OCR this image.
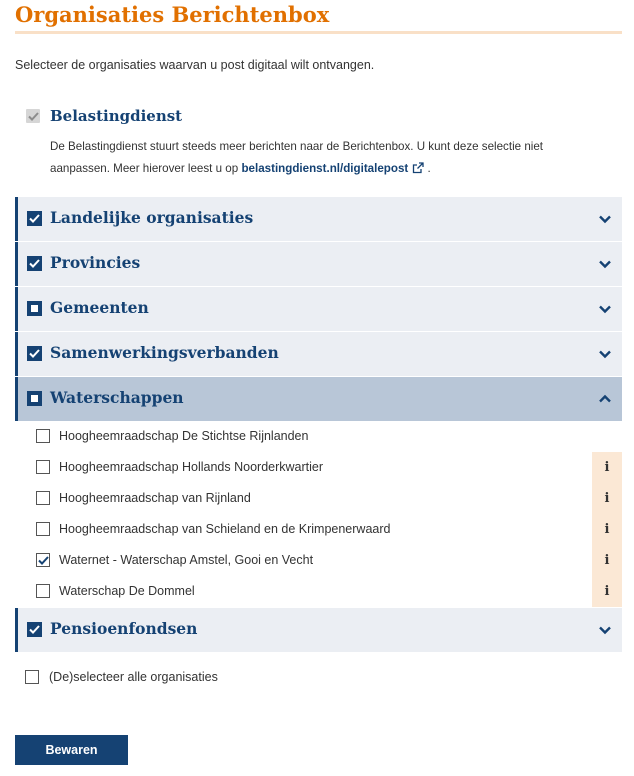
Organisaties Berichtenbox
Selecteer de organisaties waarvan u post digitaal wilt ontvangen.
Belastingdienst
De Belastingdienst stuurt steeds meer berichten naar de Berichtenbox. U kunt deze selectie niet
aanpassen. Meer hierover leest u op belastingdienst.nl/digitalepost .
Landelijke organisaties
Provincies
Gemeenten
Samenwerkingsverbanden
Waterschappen
Hoogheemraadschap De Stichtse Rijnlanden
Hoogheemraadschap Hollands Noorderkwartier	i
Hoogheemraadschap van Rijnland	i
Hoogheemraadschap van Schieland en de Krimpenerwaard	i
Waternet - Waterschap Amstel, Gooi en Vecht	i
Waterschap De Dommel	i
Pensioenfondsen
(De)selecteer alle organisaties
Bewaren
